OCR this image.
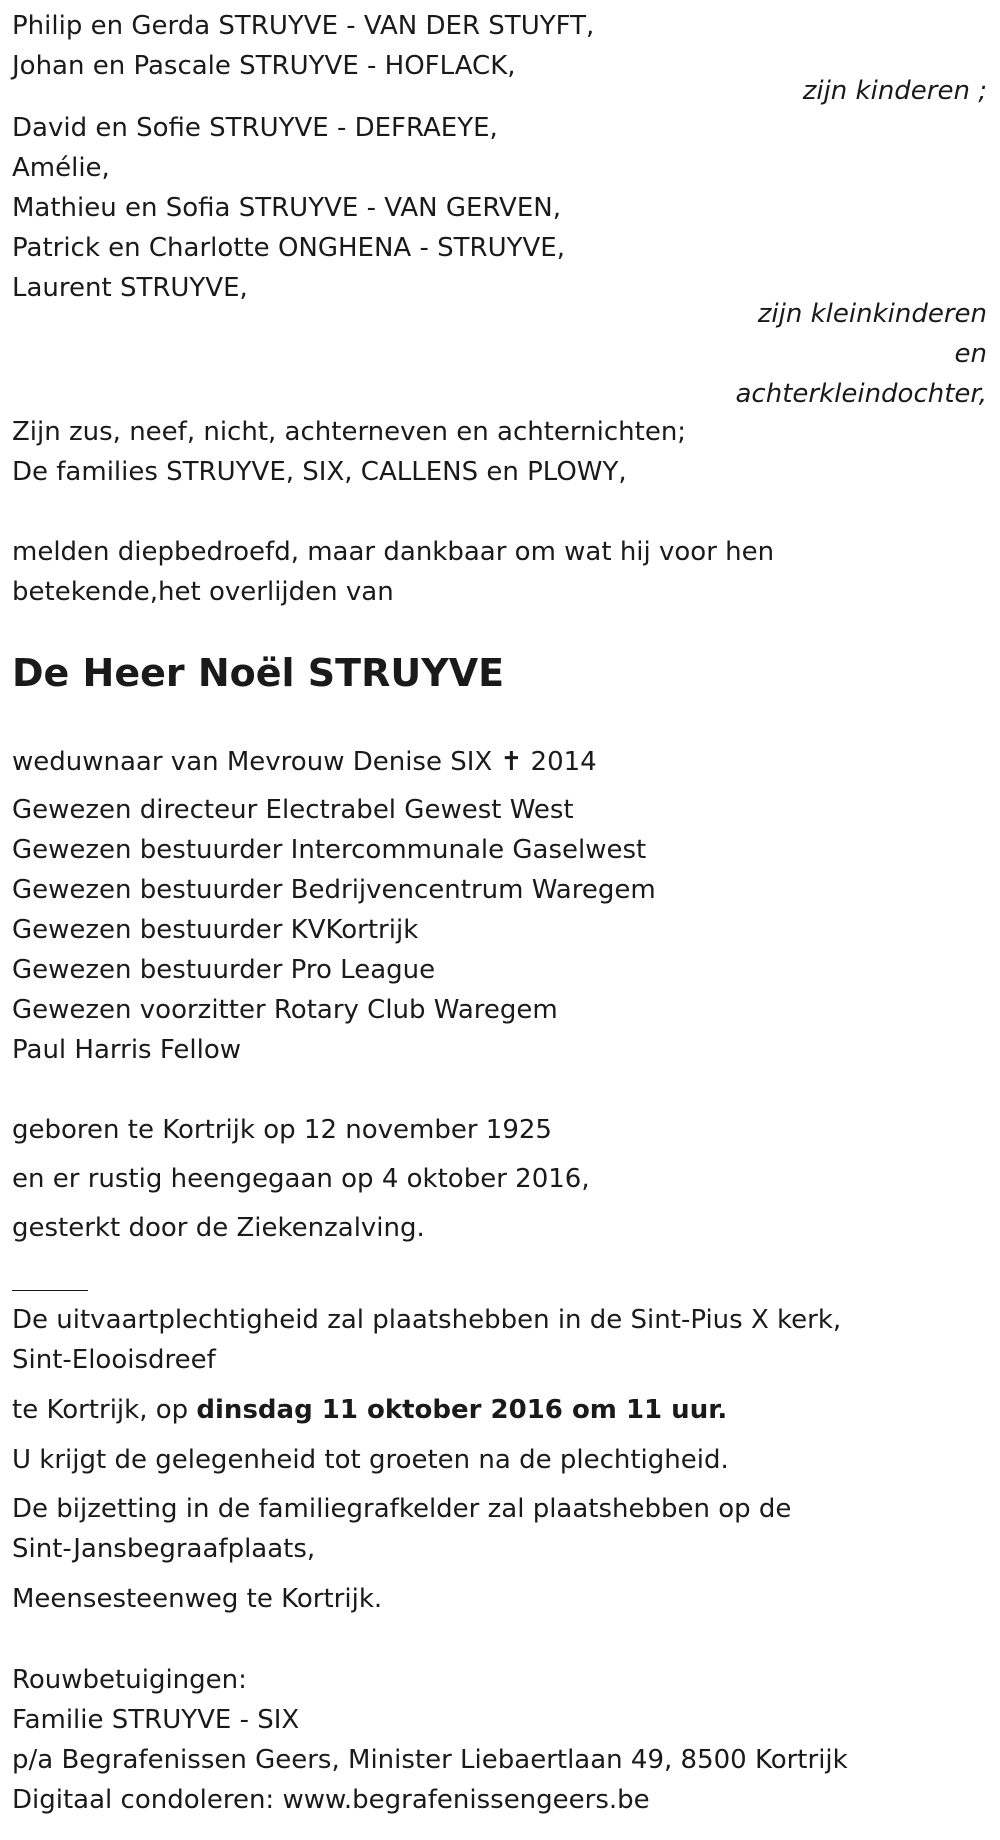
Philip en Gerda STRUYVE - VAN DER STUYFT,
Johan en Pascale STRUYVE - HOFLACK,
zijn kinderen ;
David en Sofie STRUYVE - DEFRAEYE,
Amélie,
Mathieu en Sofia STRUYVE - VAN GERVEN,
Patrick en Charlotte ONGHENA - STRUYVE,
Laurent STRUYVE,
zijn kleinkinderen
en
achterkleindochter,
Zijn zus, neef, nicht, achterneven en achternichten;
De families STRUYVE, SIX, CALLENS en PLOWY,
melden diepbedroefd, maar dankbaar om wat hij voor hen
betekende,het overlijden van
De Heer Noël STRUYVE
weduwnaar van Mevrouw Denise SIX ✝ 2014
Gewezen directeur Electrabel Gewest West
Gewezen bestuurder Intercommunale Gaselwest
Gewezen bestuurder Bedrijvencentrum Waregem
Gewezen bestuurder KVKortrijk
Gewezen bestuurder Pro League
Gewezen voorzitter Rotary Club Waregem
Paul Harris Fellow
geboren te Kortrijk op 12 november 1925
en er rustig heengegaan op 4 oktober 2016,
gesterkt door de Ziekenzalving.
De uitvaartplechtigheid zal plaatshebben in de Sint-Pius X kerk,
Sint-Elooisdreef
te Kortrijk, op dinsdag 11 oktober 2016 om 11 uur.
U krijgt de gelegenheid tot groeten na de plechtigheid.
De bijzetting in de familiegrafkelder zal plaatshebben op de
Sint-Jansbegraafplaats,
Meensesteenweg te Kortrijk.
Rouwbetuigingen:
Familie STRUYVE - SIX
p/a Begrafenissen Geers, Minister Liebaertlaan 49, 8500 Kortrijk
Digitaal condoleren: www.begrafenissengeers.be
